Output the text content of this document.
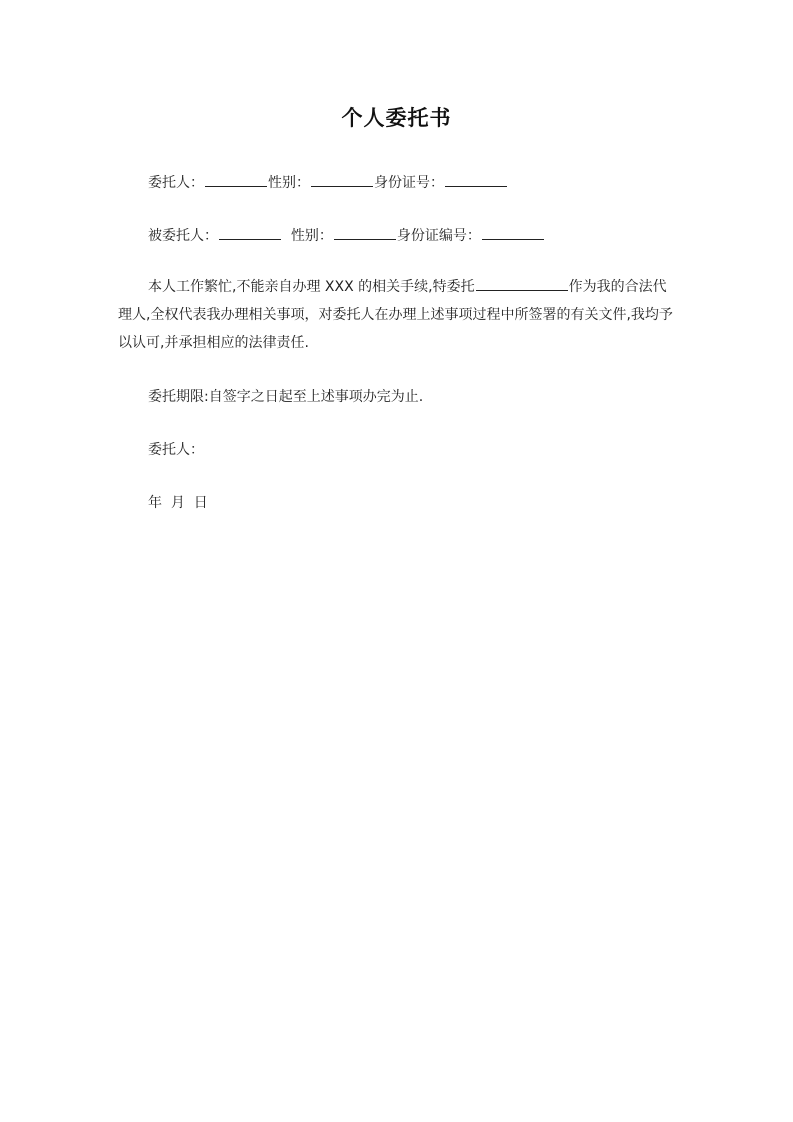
个人委托书
委托人：	性别：	身份证号：
被委托人：	性别：	身份证编号：
本人工作繁忙,不能亲自办理 XXX 的相关手续,特委托	作为我的合法代理人,全权代表我办理相关事项，对委托人在办理上述事项过程中所签署的有关文件,我均予以认可,并承担相应的法律责任.
委托期限:自签字之日起至上述事项办完为止.
委托人：
年  月  日
